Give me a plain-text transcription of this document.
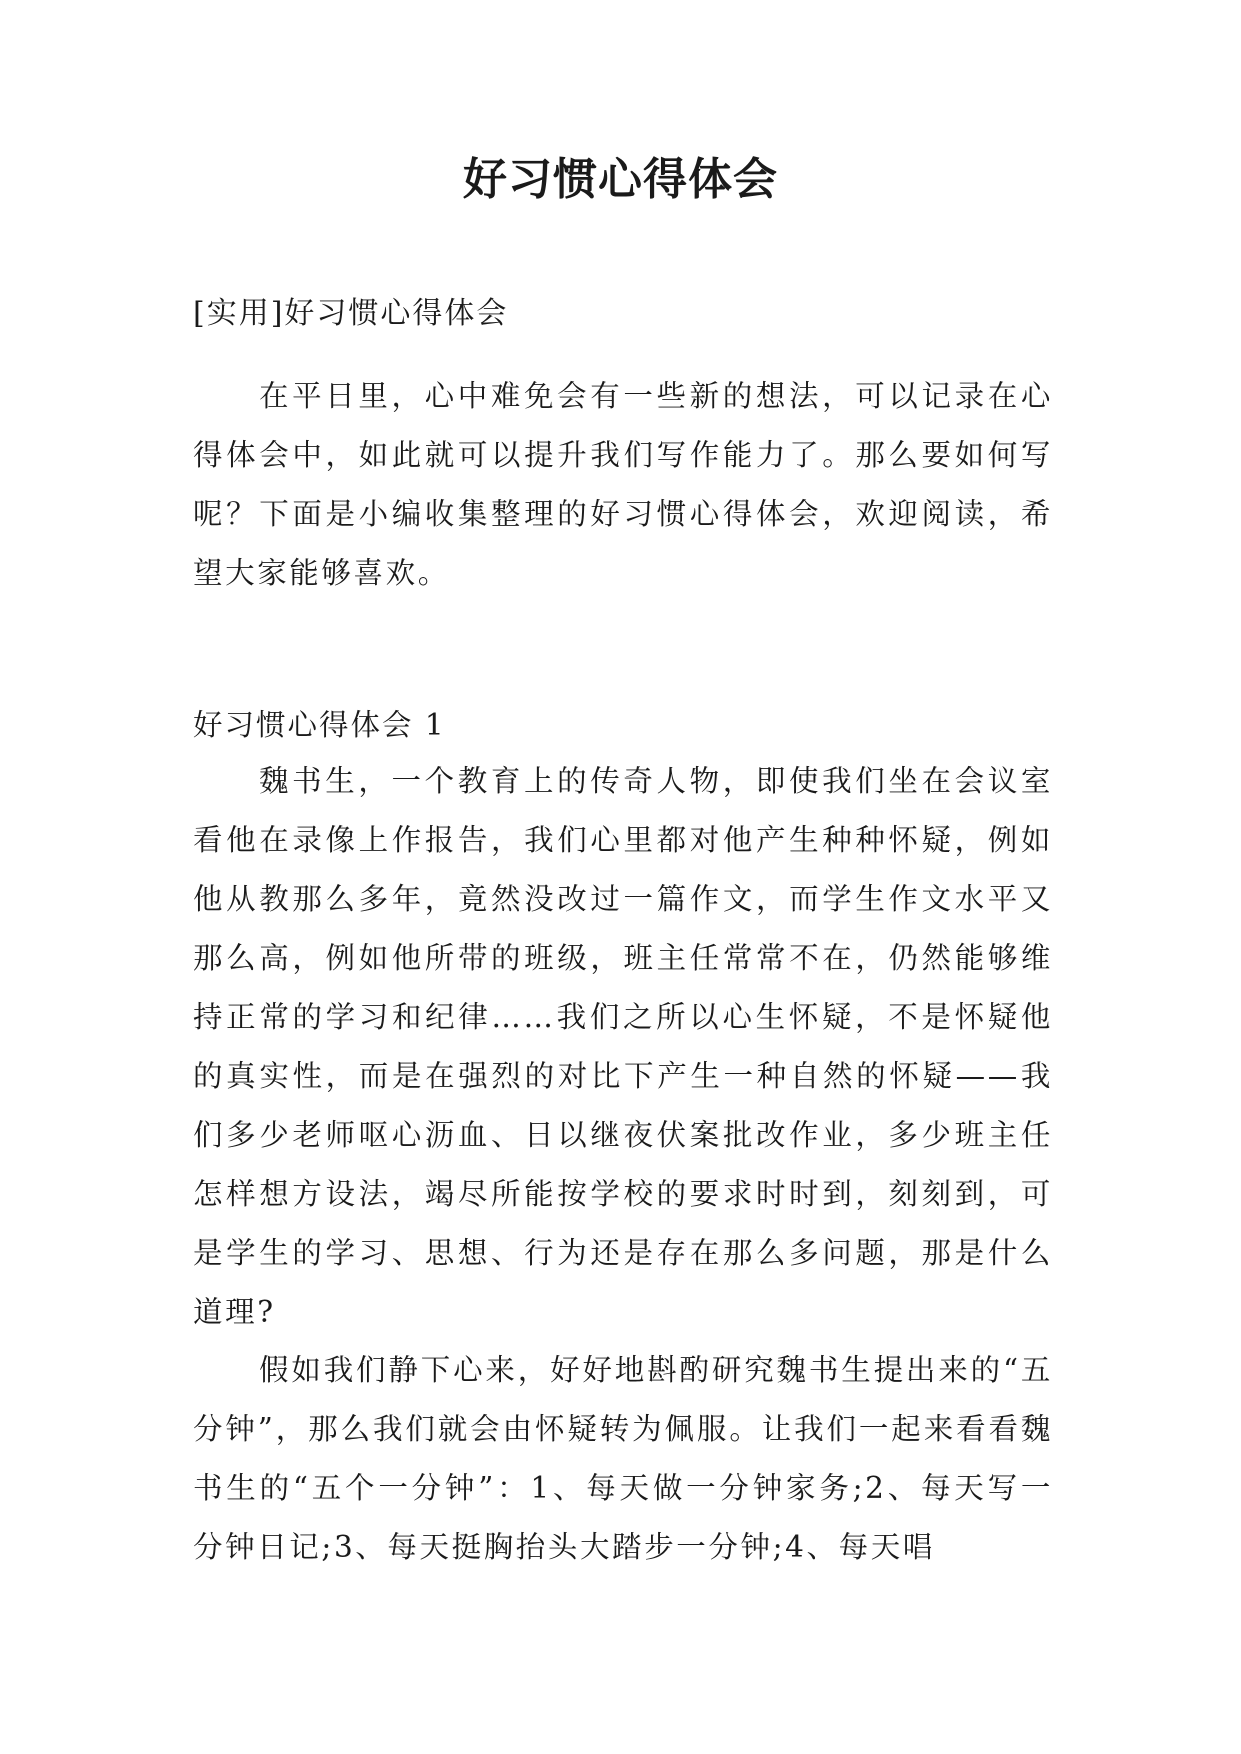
好习惯心得体会
[实用]好习惯心得体会

在平日里，心中难免会有一些新的想法，可以记录在心得体会中，如此就可以提升我们写作能力了。那么要如何写呢？下面是小编收集整理的好习惯心得体会，欢迎阅读，希望大家能够喜欢。

好习惯心得体会 1

魏书生，一个教育上的传奇人物，即使我们坐在会议室看他在录像上作报告，我们心里都对他产生种种怀疑，例如他从教那么多年，竟然没改过一篇作文，而学生作文水平又那么高，例如他所带的班级，班主任常常不在，仍然能够维持正常的学习和纪律……我们之所以心生怀疑，不是怀疑他的真实性，而是在强烈的对比下产生一种自然的怀疑——我们多少老师呕心沥血、日以继夜伏案批改作业，多少班主任怎样想方设法，竭尽所能按学校的要求时时到，刻刻到，可是学生的学习、思想、行为还是存在那么多问题，那是什么道理?

假如我们静下心来，好好地斟酌研究魏书生提出来的“五分钟”，那么我们就会由怀疑转为佩服。让我们一起来看看魏书生的“五个一分钟”：1、每天做一分钟家务;2、每天写一分钟日记;3、每天挺胸抬头大踏步一分钟;4、每天唱
